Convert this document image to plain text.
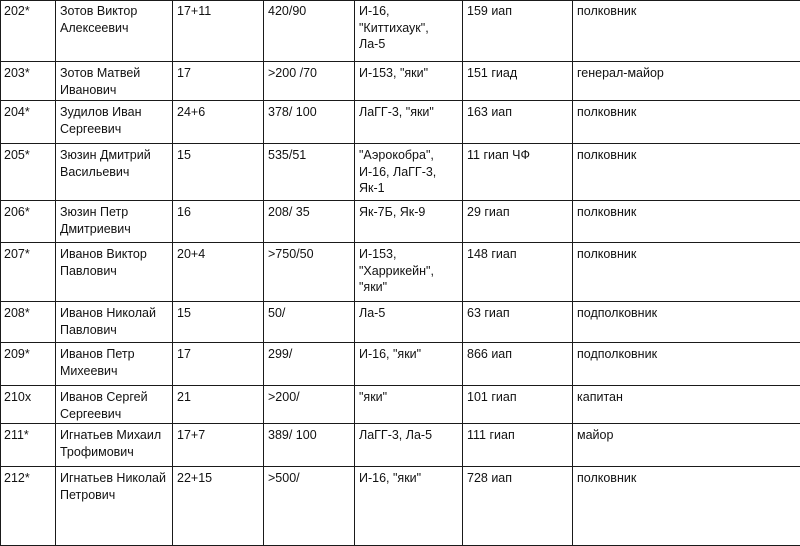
202*	Зотов Виктор Алексеевич	17+11	420/90	И-16, "Киттихаук", Ла-5	159 иап	полковник
203*	Зотов Матвей Иванович	17	>200 /70	И-153, "яки"	151 гиад	генерал-майор
204*	Зудилов Иван Сергеевич	24+6	378/ 100	ЛаГГ-3, "яки"	163 иап	полковник
205*	Зюзин Дмитрий Васильевич	15	535/51	"Аэрокобра", И-16, ЛаГГ-3, Як-1	11 гиап ЧФ	полковник
206*	Зюзин Петр Дмитриевич	16	208/ 35	Як-7Б, Як-9	29 гиап	полковник
207*	Иванов Виктор Павлович	20+4	>750/50	И-153, "Харрикейн", "яки"	148 гиап	полковник
208*	Иванов Николай Павлович	15	50/	Ла-5	63 гиап	подполковник
209*	Иванов Петр Михеевич	17	299/	И-16, "яки"	866 иап	подполковник
210x	Иванов Сергей Сергеевич	21	>200/	"яки"	101 гиап	капитан
211*	Игнатьев Михаил Трофимович	17+7	389/ 100	ЛаГГ-3, Ла-5	111 гиап	майор
212*	Игнатьев Николай Петрович	22+15	>500/	И-16, "яки"	728 иап	полковник
